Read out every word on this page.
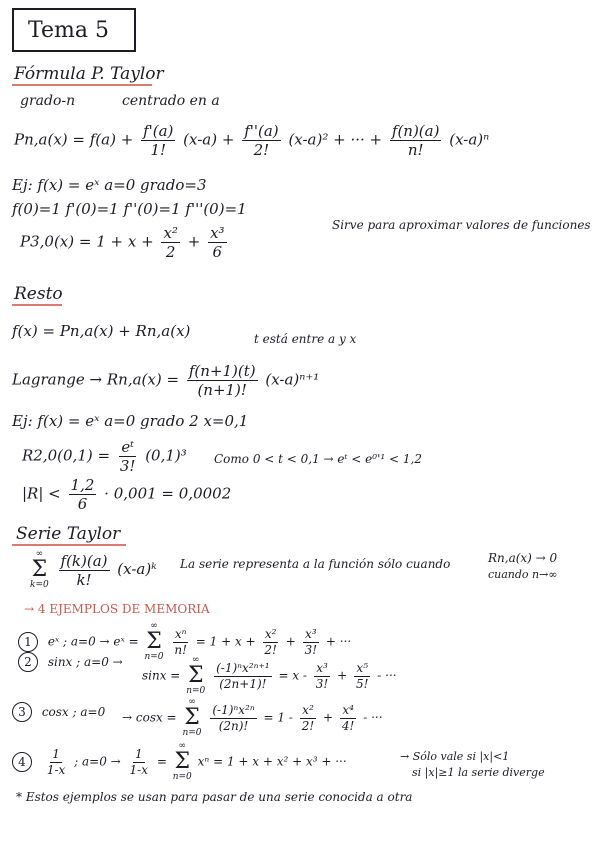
Tema 5
Fórmula P. Taylor
grado-n	centrado en a
$Pn,a(x) = f(a) + \frac{f'(a)}{1!} (x-a) + \frac{f''(a)}{2!} (x-a)^2$ + ··· + $\frac{f(n)(a)}{n!} (x-a)^n$
Ej: f(x) = eˣ a=0 grado=3
f(0)=1 f'(0)=1 f''(0)=1 f'''(0)=1
$P3,0(x) = 1 + x + \frac{\text{x²}}{2} + \frac{\text{x³}}{6}$	Sirve para aproximar valores de funciones
Resto
f(x) = Pn,a(x) + Rn,a(x)	t está entre a y x
Lagrange → $Rn,a(x) = \frac{f(n+1)(t)}{(n+1)!} (x-a)^{n+1}$
Ej: f(x) = eˣ a=0 grado 2 x=0,1
$R2,0(0,1) = \frac{\text{eᵗ}}{3!} (0,1)^3$ Como 0 < t < 0,1 → eᵗ < e⁰'¹ < 1,2
$|R| < \frac{1,2}{6} \cdot 0,001 = 0,0002$
Serie Taylor
∞
Σ
k=0
$\frac{f(k)(a)}{k!}$ (x-a)ᵏ La serie representa a la función sólo cuando	Rn,a(x) → 0
cuando n→∞
→ 4 EJEMPLOS DE MEMORIA
1 eˣ ; a=0 → eˣ =
∞
Σ
n=0

$\frac{\text{xⁿ}}{n!} = 1 + x + \frac{\text{x²}}{2!} + \frac{\text{x³}}{3!}$ + ···
2 sinx ; a=0 →
sinx =
∞
Σ
n=0

$\frac{\text{(-1)ⁿx²ⁿ⁺¹}}{(2n+1)!} = x - \frac{\text{x³}}{3!} + \frac{\text{x⁵}}{5!}$ - ···
3 cosx ; a=0 → cosx =
∞
Σ
n=0

$\frac{\text{(-1)ⁿx²ⁿ}}{(2n)!} = 1 - \frac{\text{x²}}{2!} + \frac{\text{x⁴}}{4!}$ - ···
$4 \frac{1}{1-x}$ ; $a=0 \to \frac{1}{1-x}$ =
∞
Σ
n=0
xⁿ = 1 + x + x² + x³ + ···	→ Sólo vale si |x|<1
si |x|≥1 la serie diverge
* Estos ejemplos se usan para pasar de una serie conocida a otra
